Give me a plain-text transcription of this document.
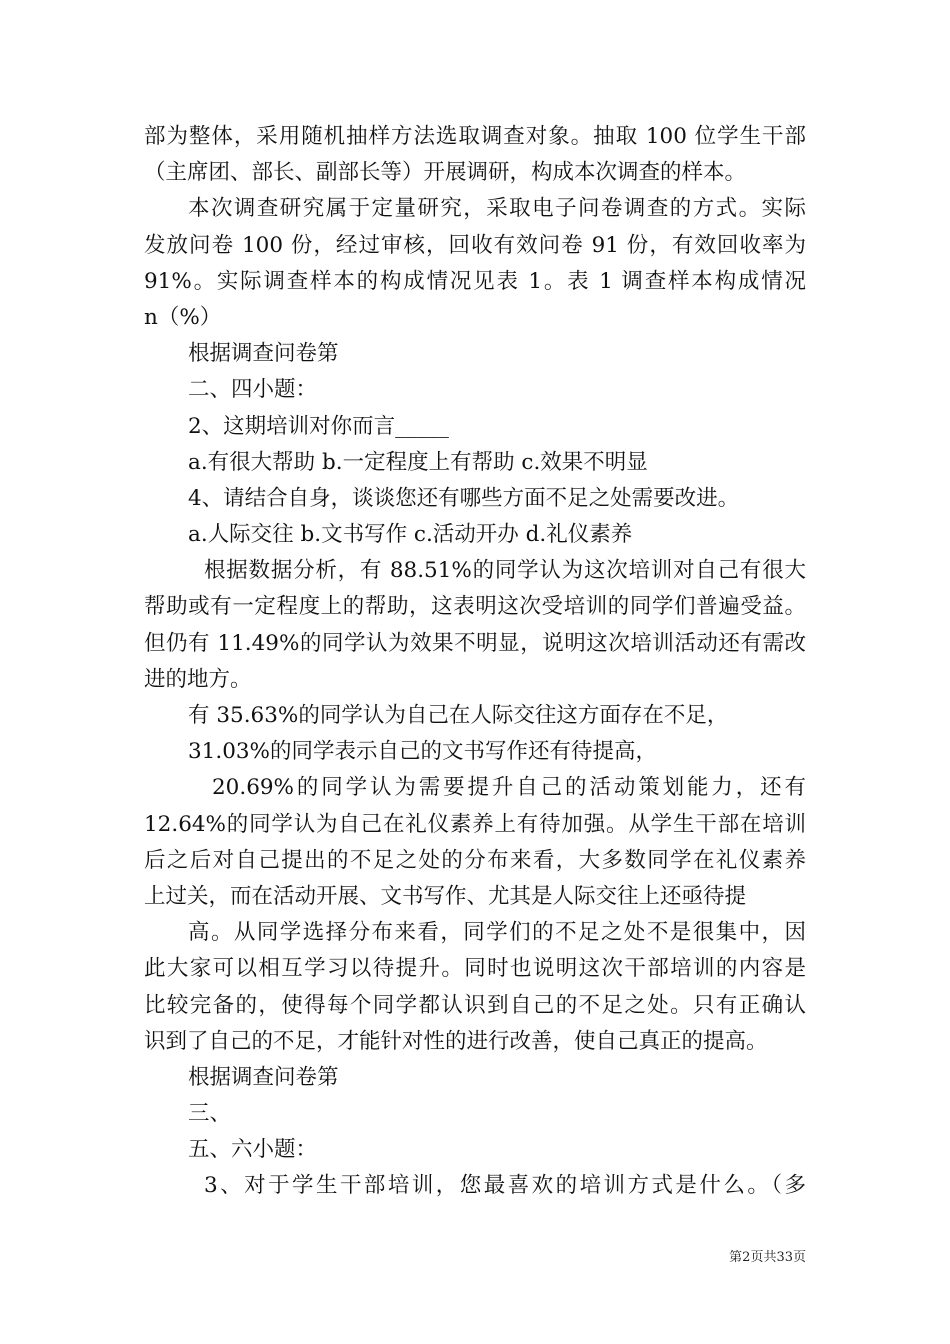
部为整体，采用随机抽样方法选取调查对象。抽取 100 位学生干部
（主席团、部长、副部长等）开展调研，构成本次调查的样本。
本次调查研究属于定量研究，采取电子问卷调查的方式。实际
发放问卷 100 份，经过审核，回收有效问卷 91 份，有效回收率为
91%。实际调查样本的构成情况见表 1。表 1 调查样本构成情况
n（%）
根据调查问卷第
二、四小题：
2、这期培训对你而言_____
a.有很大帮助 b.一定程度上有帮助 c.效果不明显
4、请结合自身，谈谈您还有哪些方面不足之处需要改进。
a.人际交往 b.文书写作 c.活动开办 d.礼仪素养
根据数据分析，有 88.51%的同学认为这次培训对自己有很大
帮助或有一定程度上的帮助，这表明这次受培训的同学们普遍受益。
但仍有 11.49%的同学认为效果不明显，说明这次培训活动还有需改
进的地方。
有 35.63%的同学认为自己在人际交往这方面存在不足，
31.03%的同学表示自己的文书写作还有待提高，
20.69%的同学认为需要提升自己的活动策划能力，还有
12.64%的同学认为自己在礼仪素养上有待加强。从学生干部在培训
后之后对自己提出的不足之处的分布来看，大多数同学在礼仪素养
上过关，而在活动开展、文书写作、尤其是人际交往上还亟待提
高。从同学选择分布来看，同学们的不足之处不是很集中，因
此大家可以相互学习以待提升。同时也说明这次干部培训的内容是
比较完备的，使得每个同学都认识到自己的不足之处。只有正确认
识到了自己的不足，才能针对性的进行改善，使自己真正的提高。
根据调查问卷第
三、
五、六小题：
3、对于学生干部培训，您最喜欢的培训方式是什么。（多
第2页共33页
